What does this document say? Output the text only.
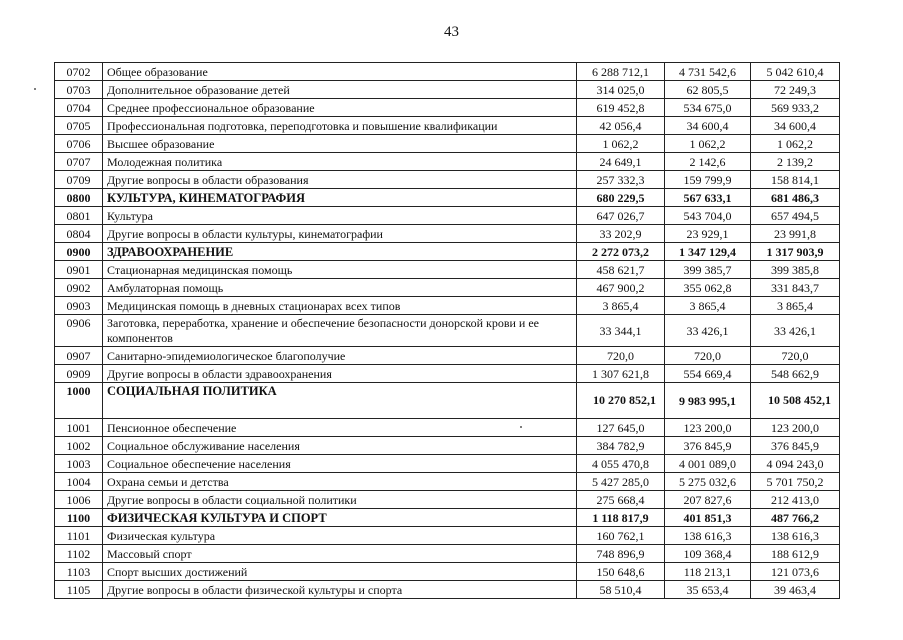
43
0702	Общее образование	6 288 712,1	4 731 542,6	5 042 610,4
0703	Дополнительное образование детей	314 025,0	62 805,5	72 249,3
0704	Среднее профессиональное образование	619 452,8	534 675,0	569 933,2
0705	Профессиональная подготовка, переподготовка и повышение квалификации	42 056,4	34 600,4	34 600,4
0706	Высшее образование	1 062,2	1 062,2	1 062,2
0707	Молодежная политика	24 649,1	2 142,6	2 139,2
0709	Другие вопросы в области образования	257 332,3	159 799,9	158 814,1
0800	КУЛЬТУРА, КИНЕМАТОГРАФИЯ	680 229,5	567 633,1	681 486,3
0801	Культура	647 026,7	543 704,0	657 494,5
0804	Другие вопросы в области культуры, кинематографии	33 202,9	23 929,1	23 991,8
0900	ЗДРАВООХРАНЕНИЕ	2 272 073,2	1 347 129,4	1 317 903,9
0901	Стационарная медицинская помощь	458 621,7	399 385,7	399 385,8
0902	Амбулаторная помощь	467 900,2	355 062,8	331 843,7
0903	Медицинская помощь в дневных стационарах всех типов	3 865,4	3 865,4	3 865,4
0906	Заготовка, переработка, хранение и обеспечение безопасности донорской крови и ее компонентов	33 344,1	33 426,1	33 426,1
0907	Санитарно-эпидемиологическое благополучие	720,0	720,0	720,0
0909	Другие вопросы в области здравоохранения	1 307 621,8	554 669,4	548 662,9
1000	СОЦИАЛЬНАЯ ПОЛИТИКА	10 270 852,1	9 983 995,1	10 508 452,1
1001	Пенсионное обеспечение	127 645,0	123 200,0	123 200,0
1002	Социальное обслуживание населения	384 782,9	376 845,9	376 845,9
1003	Социальное обеспечение населения	4 055 470,8	4 001 089,0	4 094 243,0
1004	Охрана семьи и детства	5 427 285,0	5 275 032,6	5 701 750,2
1006	Другие вопросы в области социальной политики	275 668,4	207 827,6	212 413,0
1100	ФИЗИЧЕСКАЯ КУЛЬТУРА И СПОРТ	1 118 817,9	401 851,3	487 766,2
1101	Физическая культура	160 762,1	138 616,3	138 616,3
1102	Массовый спорт	748 896,9	109 368,4	188 612,9
1103	Спорт высших достижений	150 648,6	118 213,1	121 073,6
1105	Другие вопросы в области физической культуры и спорта	58 510,4	35 653,4	39 463,4
